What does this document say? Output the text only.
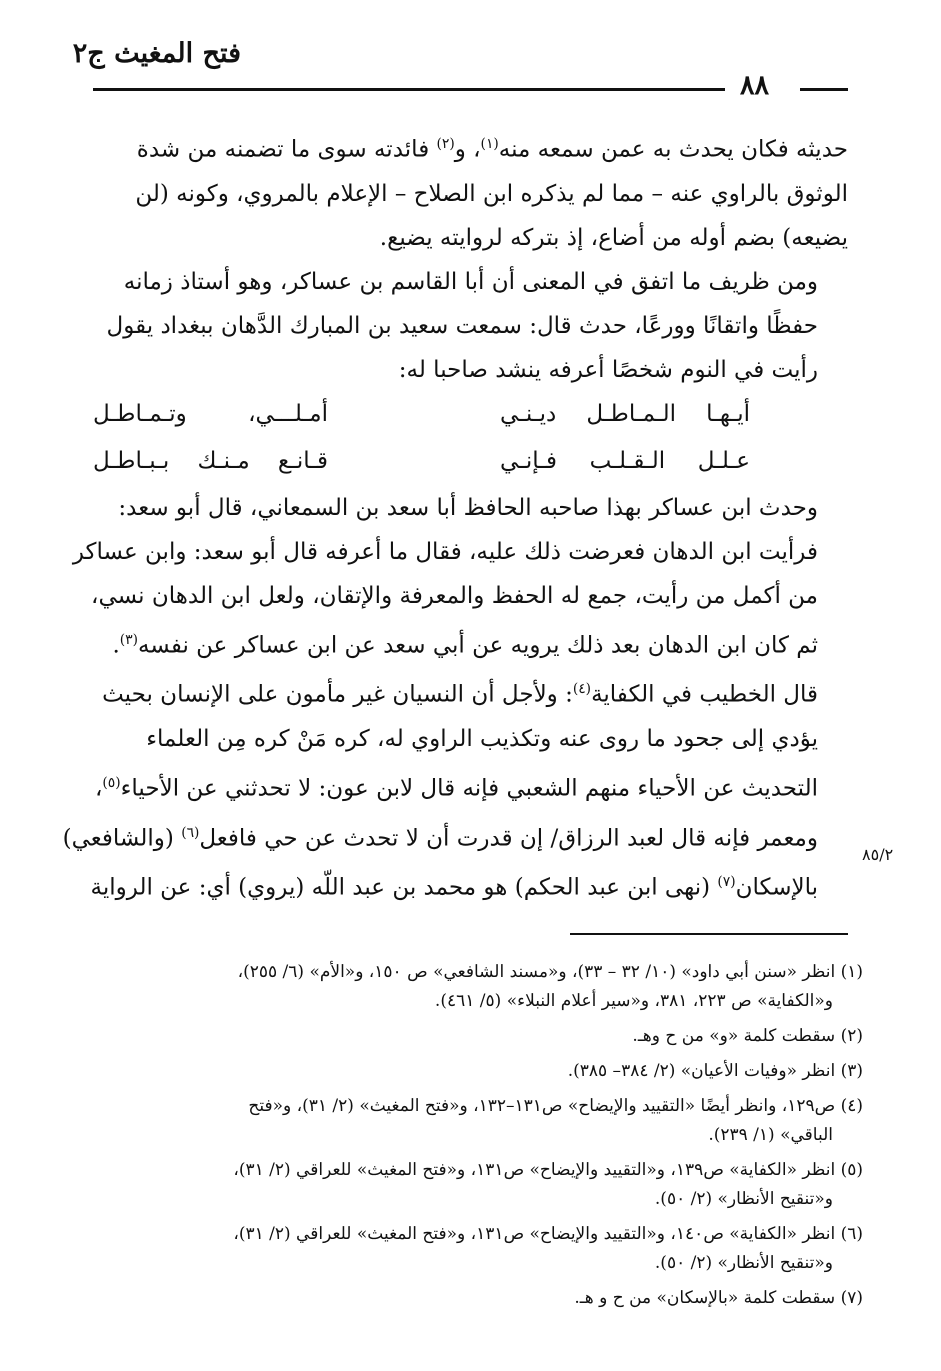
فتح المغيث ج٢
٨٨

حديثه فكان يحدث به عمن سمعه منه$^{(١)}$، و$^{(٢)}$ فائدته سوى ما تضمنه من شدة
الوثوق بالراوي عنه – مما لم يذكره ابن الصلاح – الإعلام بالمروي، وكونه (لن
يضيعه) بضم أوله من أضاع، إذ بتركه لروايته يضيع.

ومن ظريف ما اتفق في المعنى أن أبا القاسم بن عساكر، وهو أستاذ زمانه
حفظًا واتقانًا وورعًا، حدث قال: سمعت سعيد بن المبارك الدَّهان ببغداد يقول
رأيت في النوم شخصًا أعرفه ينشد صاحبا له:

أيـهـا الـمـاطـل ديـنـي
أمـلـــي، وتـمـاطـل
عـلـل الـقـلـب فـإنـي
قـانـع مـنـك بـبـاطـل

وحدث ابن عساكر بهذا صاحبه الحافظ أبا سعد بن السمعاني، قال أبو سعد:
فرأيت ابن الدهان فعرضت ذلك عليه، فقال ما أعرفه قال أبو سعد: وابن عساكر
من أكمل من رأيت، جمع له الحفظ والمعرفة والإتقان، ولعل ابن الدهان نسي،
ثم كان ابن الدهان بعد ذلك يرويه عن أبي سعد عن ابن عساكر عن نفسه$^{(٣)}$.

قال الخطيب في الكفاية$^{(٤)}$: ولأجل أن النسيان غير مأمون على الإنسان بحيث
يؤدي إلى جحود ما روى عنه وتكذيب الراوي له، كره مَنْ كره مِن العلماء
التحديث عن الأحياء منهم الشعبي فإنه قال لابن عون: لا تحدثني عن الأحياء$^{(٥)}$،
ومعمر فإنه قال لعبد الرزاق/ إن قدرت أن لا تحدث عن حي فافعل$^{(٦)}$ (والشافعي)
بالإسكان$^{(٧)}$ (نهى ابن عبد الحكم) هو محمد بن عبد اللّه (يروي) أي: عن الرواية

٨٥/٢

(١) انظر «سنن أبي داود» (١٠/ ٣٢ – ٣٣)، و«مسند الشافعي» ص ١٥٠، و«الأم» (٦/ ٢٥٥)،
و«الكفاية» ص ٢٢٣، ٣٨١، و«سير أعلام النبلاء» (٥/ ٤٦١).

(٢) سقطت كلمة «و» من ح وهـ.

(٣) انظر «وفيات الأعيان» (٢/ ٣٨٤– ٣٨٥).

(٤) ص١٢٩، وانظر أيضًا «التقييد والإيضاح» ص١٣١–١٣٢، و«فتح المغيث» (٢/ ٣١)، و«فتح
الباقي» (١/ ٢٣٩).

(٥) انظر «الكفاية» ص١٣٩، و«التقييد والإيضاح» ص١٣١، و«فتح المغيث» للعراقي (٢/ ٣١)،
و«تنقيح الأنظار» (٢/ ٥٠).

(٦) انظر «الكفاية» ص١٤٠، و«التقييد والإيضاح» ص١٣١، و«فتح المغيث» للعراقي (٢/ ٣١)،
و«تنقيح الأنظار» (٢/ ٥٠).

(٧) سقطت كلمة «بالإسكان» من ح و هـ.
